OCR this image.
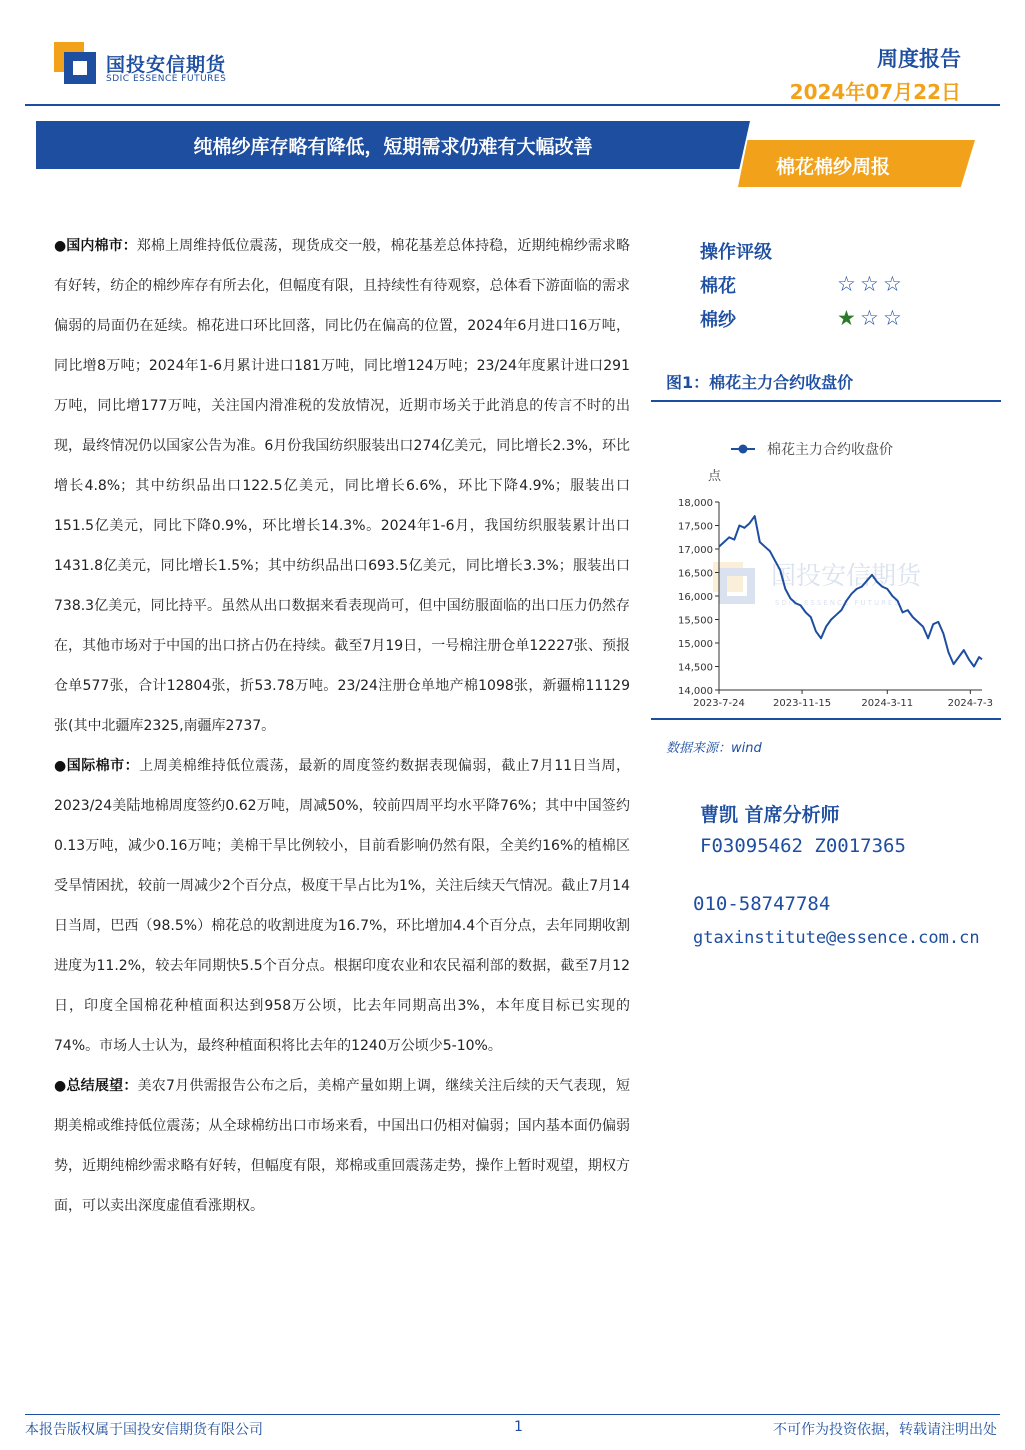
国投安信期货
SDIC ESSENCE FUTURES
周度报告
2024年07月22日
纯棉纱库存略有降低，短期需求仍难有大幅改善
棉花棉纱周报

●国内棉市：郑棉上周维持低位震荡，现货成交一般，棉花基差总体持稳，近期纯棉纱需求略有好转，纺企的棉纱库存有所去化，但幅度有限，且持续性有待观察，总体看下游面临的需求偏弱的局面仍在延续。棉花进口环比回落，同比仍在偏高的位置，2024年6月进口16万吨，同比增8万吨；2024年1-6月累计进口181万吨，同比增124万吨；23/24年度累计进口291万吨，同比增177万吨，关注国内滑准税的发放情况，近期市场关于此消息的传言不时的出现，最终情况仍以国家公告为准。6月份我国纺织服装出口274亿美元，同比增长2.3%，环比增长4.8%；其中纺织品出口122.5亿美元，同比增长6.6%，环比下降4.9%；服装出口151.5亿美元，同比下降0.9%，环比增长14.3%。2024年1-6月，我国纺织服装累计出口1431.8亿美元，同比增长1.5%；其中纺织品出口693.5亿美元，同比增长3.3%；服装出口738.3亿美元，同比持平。虽然从出口数据来看表现尚可，但中国纺服面临的出口压力仍然存在，其他市场对于中国的出口挤占仍在持续。截至7月19日，一号棉注册仓单12227张、预报仓单577张，合计12804张，折53.78万吨。23/24注册仓单地产棉1098张，新疆棉11129张(其中北疆库2325,南疆库2737。

●国际棉市：上周美棉维持低位震荡，最新的周度签约数据表现偏弱，截止7月11日当周，2023/24美陆地棉周度签约0.62万吨，周减50%，较前四周平均水平降76%；其中中国签约0.13万吨，减少0.16万吨；美棉干旱比例较小，目前看影响仍然有限，全美约16%的植棉区受旱情困扰，较前一周减少2个百分点，极度干旱占比为1%，关注后续天气情况。截止7月14日当周，巴西（98.5%）棉花总的收割进度为16.7%，环比增加4.4个百分点，去年同期收割进度为11.2%，较去年同期快5.5个百分点。根据印度农业和农民福利部的数据，截至7月12日，印度全国棉花种植面积达到958万公顷，比去年同期高出3%，本年度目标已实现的74%。市场人士认为，最终种植面积将比去年的1240万公顷少5-10%。

●总结展望：美农7月供需报告公布之后，美棉产量如期上调，继续关注后续的天气表现，短期美棉或维持低位震荡；从全球棉纺出口市场来看，中国出口仍相对偏弱；国内基本面仍偏弱势，近期纯棉纱需求略有好转，但幅度有限，郑棉或重回震荡走势，操作上暂时观望，期权方面，可以卖出深度虚值看涨期权。

操作评级
棉花	☆ ☆ ☆
棉纱	★ ☆ ☆
图1：棉花主力合约收盘价
国投安信期货
SDIC ESSENCE FUTURES
棉花主力合约收盘价
点
14,000
14,500
15,000
15,500
16,000
16,500
17,000
17,500
18,000
2023-7-24	2023-11-15	2024-3-11	2024-7-3
数据来源：wind
曹凯 首席分析师
F03095462 Z0017365
010-58747784
gtaxinstitute@essence.com.cn
本报告版权属于国投安信期货有限公司	1	不可作为投资依据，转载请注明出处
